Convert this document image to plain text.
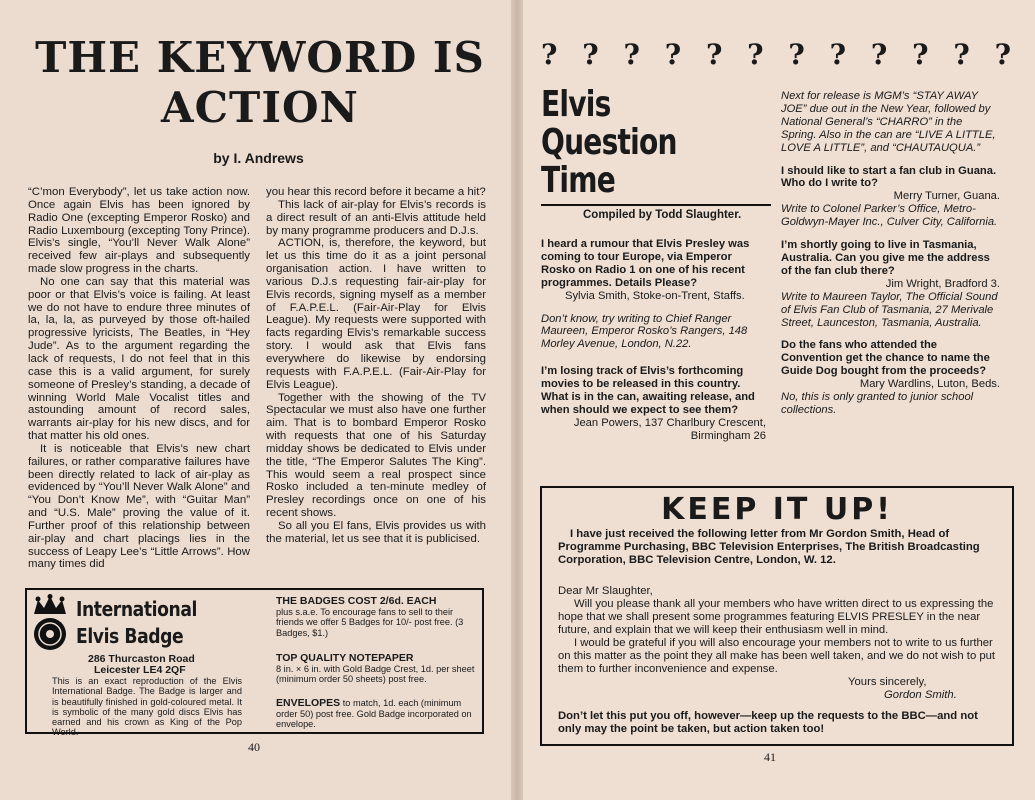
THE KEYWORD IS
ACTION
by I. Andrews

“C’mon Everybody”, let us take action now. Once again Elvis has been ignored by Radio One (excepting Emperor Rosko) and Radio Luxembourg (excepting Tony Prince). Elvis’s single, “You’ll Never Walk Alone” received few air-plays and subsequently made slow progress in the charts.

No one can say that this material was poor or that Elvis’s voice is failing. At least we do not have to endure three minutes of la, la, la, as purveyed by those oft-hailed progressive lyricists, The Beatles, in “Hey Jude”. As to the argument regarding the lack of requests, I do not feel that in this case this is a valid argument, for surely someone of Presley’s standing, a decade of winning World Male Vocalist titles and astounding amount of record sales, warrants air-play for his new discs, and for that matter his old ones.

It is noticeable that Elvis’s new chart failures, or rather comparative failures have been directly related to lack of air-play as evidenced by “You’ll Never Walk Alone” and “You Don’t Know Me”, with “Guitar Man” and “U.S. Male” proving the value of it. Further proof of this relationship between air-play and chart placings lies in the success of Leapy Lee’s “Little Arrows”. How many times did

you hear this record before it became a hit?

This lack of air-play for Elvis’s records is a direct result of an anti-Elvis attitude held by many programme producers and D.J.s.

ACTION, is, therefore, the keyword, but let us this time do it as a joint personal organisation action. I have written to various D.J.s requesting fair-air-play for Elvis records, signing myself as a member of F.A.P.E.L. (Fair-Air-Play for Elvis League). My requests were supported with facts regarding Elvis’s remarkable success story. I would ask that Elvis fans everywhere do likewise by endorsing requests with F.A.P.E.L. (Fair-Air-Play for Elvis League).

Together with the showing of the TV Spectacular we must also have one further aim. That is to bombard Emperor Rosko with requests that one of his Saturday midday shows be dedicated to Elvis under the title, “The Emperor Salutes The King”. This would seem a real prospect since Rosko included a ten-minute medley of Presley recordings once on one of his recent shows.

So all you El fans, Elvis provides us with the material, let us see that it is publicised.

International
Elvis Badge
286 Thurcaston Road
Leicester LE4 2QF
This is an exact reproduction of the Elvis International Badge. The Badge is larger and is beautifully finished in gold-coloured metal. It is symbolic of the many gold discs Elvis has earned and his crown as King of the Pop World.
THE BADGES COST 2/6d. EACH
plus s.a.e. To encourage fans to sell to their friends we offer 5 Badges for 10/- post free. (3 Badges, $1.)
TOP QUALITY NOTEPAPER
8 in. × 6 in. with Gold Badge Crest, 1d. per sheet (minimum order 50 sheets) post free.
ENVELOPES to match, 1d. each (minimum order 50) post free. Gold Badge incorporated on envelope.
40
? ? ? ? ? ? ? ? ? ? ? ?
Elvis
Question
Time
Compiled by Todd Slaughter.
I heard a rumour that Elvis Presley was coming to tour Europe, via Emperor Rosko on Radio 1 on one of his recent programmes. Details Please?
Sylvia Smith, Stoke-on-Trent, Staffs.
Don’t know, try writing to Chief Ranger Maureen, Emperor Rosko’s Rangers, 148 Morley Avenue, London, N.22.
I’m losing track of Elvis’s forthcoming movies to be released in this country. What is in the can, awaiting release, and when should we expect to see them?
Jean Powers, 137 Charlbury Crescent, Birmingham 26
Next for release is MGM’s “STAY AWAY JOE” due out in the New Year, followed by National General’s “CHARRO” in the Spring. Also in the can are “LIVE A LITTLE, LOVE A LITTLE”, and “CHAUTAUQUA.”
I should like to start a fan club in Guana. Who do I write to?
Merry Turner, Guana.
Write to Colonel Parker’s Office, Metro-Goldwyn-Mayer Inc., Culver City, California.
I’m shortly going to live in Tasmania, Australia. Can you give me the address of the fan club there?
Jim Wright, Bradford 3.
Write to Maureen Taylor, The Official Sound of Elvis Fan Club of Tasmania, 27 Merivale Street, Launceston, Tasmania, Australia.
Do the fans who attended the Convention get the chance to name the Guide Dog bought from the proceeds?
Mary Wardlins, Luton, Beds.
No, this is only granted to junior school collections.
KEEP IT UP!
I have just received the following letter from Mr Gordon Smith, Head of Programme Purchasing, BBC Television Enterprises, The British Broadcasting Corporation, BBC Television Centre, London, W. 12.

Dear Mr Slaughter,

Will you please thank all your members who have written direct to us expressing the hope that we shall present some programmes featuring ELVIS PRESLEY in the near future, and explain that we will keep their enthusiasm well in mind.

I would be grateful if you will also encourage your members not to write to us further on this matter as the point they all make has been well taken, and we do not wish to put them to further inconvenience and expense.

Yours sincerely,

Gordon Smith.

Don’t let this put you off, however—keep up the requests to the BBC—and not only may the point be taken, but action taken too!
41
